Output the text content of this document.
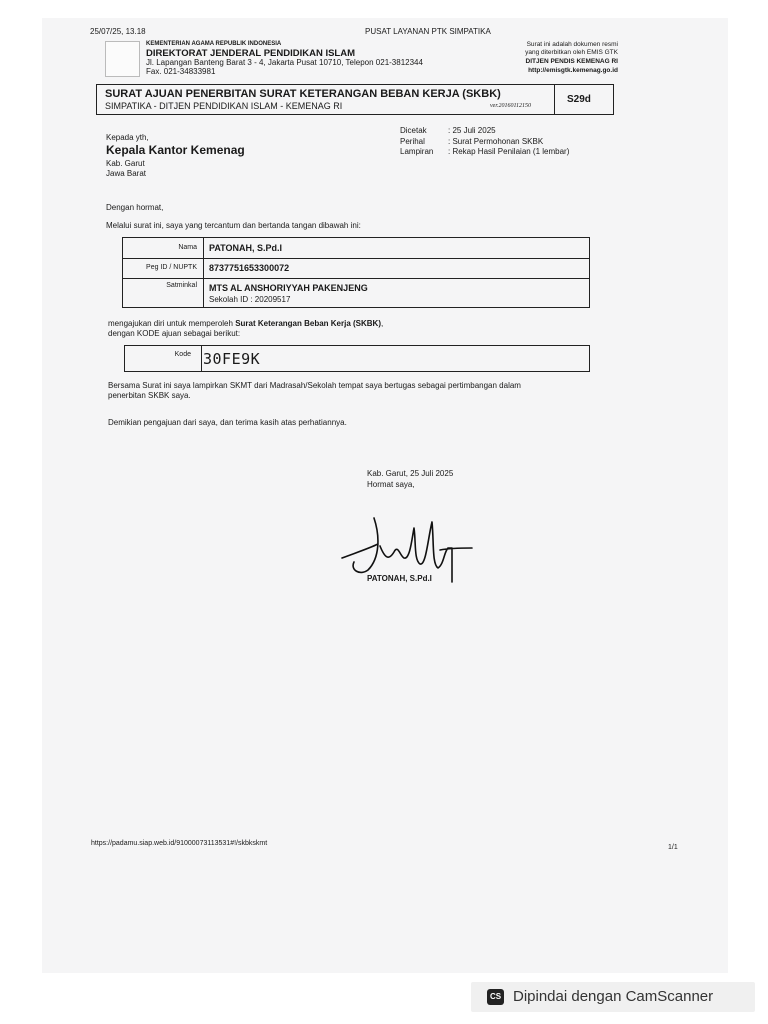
25/07/25, 13.18	PUSAT LAYANAN PTK SIMPATIKA
KEMENTERIAN AGAMA REPUBLIK INDONESIA
DIREKTORAT JENDERAL PENDIDIKAN ISLAM
Jl. Lapangan Banteng Barat 3 - 4, Jakarta Pusat 10710, Telepon 021-3812344
Fax. 021-34833981
Surat ini adalah dokumen resmi
yang diterbitkan oleh EMIS GTK
DITJEN PENDIS KEMENAG RI
http://emisgtk.kemenag.go.id
SURAT AJUAN PENERBITAN SURAT KETERANGAN BEBAN KERJA (SKBK)
SIMPATIKA - DITJEN PENDIDIKAN ISLAM - KEMENAG RI	ver.20160112150
S29d
Dicetak	: 25 Juli 2025
Perihal	: Surat Permohonan SKBK
Lampiran : Rekap Hasil Penilaian (1 lembar)
Kepada yth,
Kepala Kantor Kemenag
Kab. Garut
Jawa Barat
Dengan hormat,
Melalui surat ini, saya yang tercantum dan bertanda tangan dibawah ini:
Nama PATONAH, S.Pd.I
Peg ID / NUPTK 8737751653300072
Satminkal MTS AL ANSHORIYYAH PAKENJENG
Sekolah ID : 20209517
mengajukan diri untuk memperoleh Surat Keterangan Beban Kerja (SKBK),
dengan KODE ajuan sebagai berikut:
Kode 30FE9K
Bersama Surat ini saya lampirkan SKMT dari Madrasah/Sekolah tempat saya bertugas sebagai pertimbangan dalam
penerbitan SKBK saya.
Demikian pengajuan dari saya, dan terima kasih atas perhatiannya.
Kab. Garut, 25 Juli 2025
Hormat saya,
PATONAH, S.Pd.I
https://padamu.siap.web.id/91000073113531#!/skbkskmt
1/1
CS Dipindai dengan CamScanner
